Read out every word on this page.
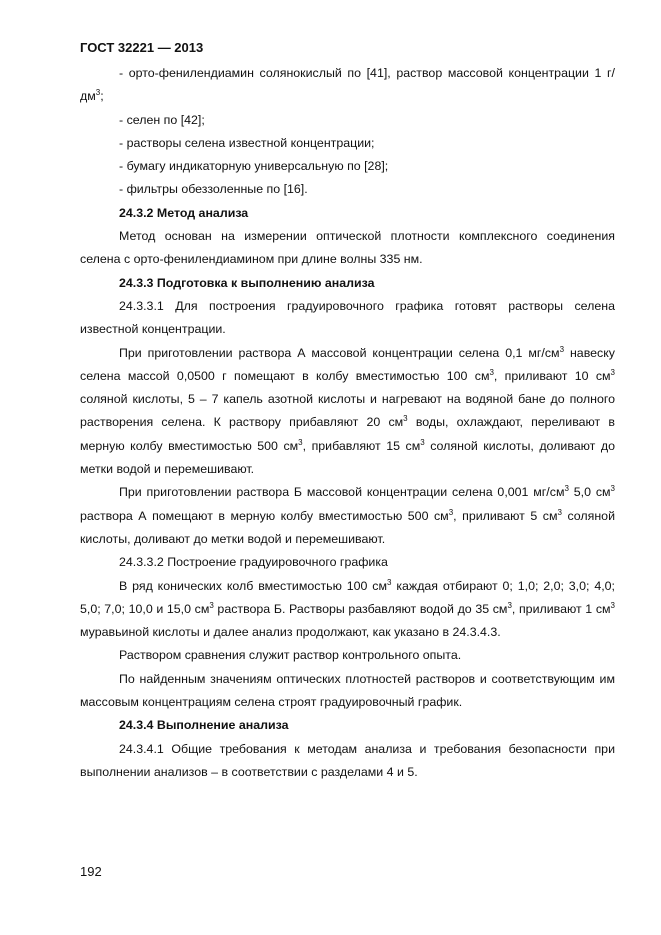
ГОСТ 32221 — 2013

- орто-фенилендиамин солянокислый по [41], раствор массовой концентрации 1 $г/дм^3$;

- селен по [42];

- растворы селена известной концентрации;

- бумагу индикаторную универсальную по [28];

- фильтры обеззоленные по [16].

24.3.2 Метод анализа

Метод основан на измерении оптической плотности комплексного соединения селена с орто-фенилендиамином при длине волны 335 нм.

24.3.3 Подготовка к выполнению анализа

24.3.3.1 Для построения градуировочного графика готовят растворы селена известной концентрации.

При приготовлении раствора А массовой концентрации селена 0,1 $мг/см^3$ навеску селена массой 0,0500 г помещают в колбу вместимостью 100 $см^3$, приливают 10 $см^3$ соляной кислоты, 5 – 7 капель азотной кислоты и нагревают на водяной бане до полного растворения селена. К раствору прибавляют 20 $см^3$ воды, охлаждают, переливают в мерную колбу вместимостью 500 $см^3$, прибавляют 15 $см^3$ соляной кислоты, доливают до метки водой и перемешивают.

При приготовлении раствора Б массовой концентрации селена 0,001 $мг/см^3$ 5,0 $см^3$ раствора А помещают в мерную колбу вместимостью 500 $см^3$, приливают 5 $см^3$ соляной кислоты, доливают до метки водой и перемешивают.

24.3.3.2 Построение градуировочного графика

В ряд конических колб вместимостью 100 $см^3$ каждая отбирают 0; 1,0; 2,0; 3,0; 4,0; 5,0; 7,0; 10,0 и 15,0 $см^3$ раствора Б. Растворы разбавляют водой до 35 $см^3$, приливают 1 $см^3$ муравьиной кислоты и далее анализ продолжают, как указано в 24.3.4.3.

Раствором сравнения служит раствор контрольного опыта.

По найденным значениям оптических плотностей растворов и соответствующим им массовым концентрациям селена строят градуировочный график.

24.3.4 Выполнение анализа

24.3.4.1 Общие требования к методам анализа и требования безопасности при выполнении анализов – в соответствии с разделами 4 и 5.

192
